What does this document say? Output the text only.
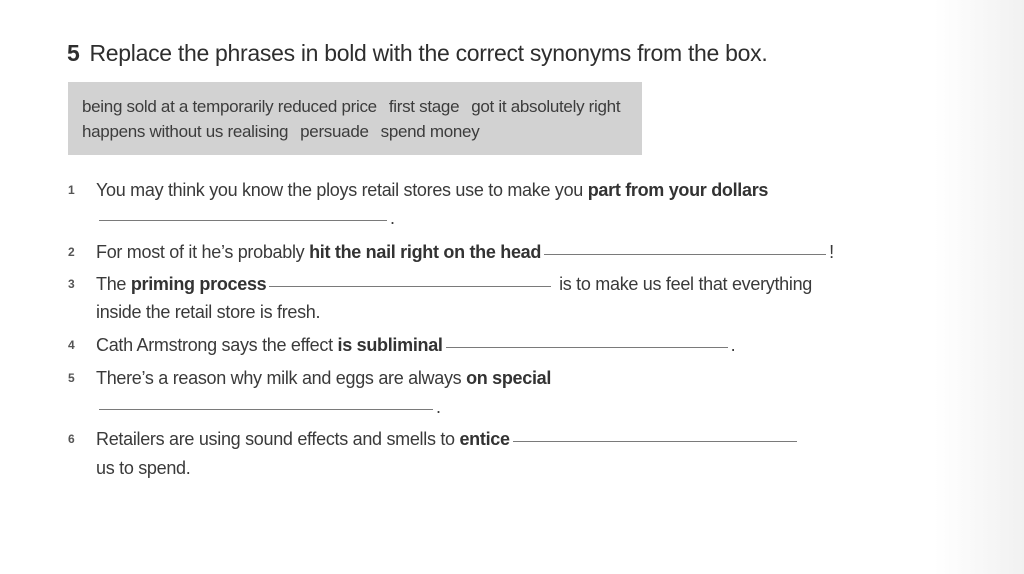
5 Replace the phrases in bold with the correct synonyms from the box.
being sold at a temporarily reduced price first stage got it absolutely right
happens without us realising persuade spend money
1 You may think you know the ploys retail stores use to make you part from your dollars
.
2 For most of it he’s probably hit the nail right on the head	!
3 The priming process	is to make us feel that everything
inside the retail store is fresh.
4 Cath Armstrong says the effect is subliminal	.
5 There’s a reason why milk and eggs are always on special
.
6 Retailers are using sound effects and smells to entice
us to spend.
